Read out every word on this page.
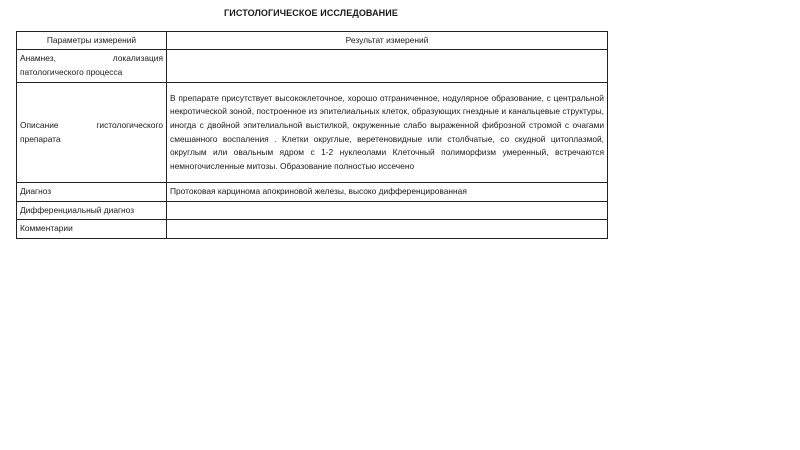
ГИСТОЛОГИЧЕСКОЕ ИССЛЕДОВАНИЕ
Параметры измерений	Результат измерений
Анамнез, локализация патологического процесса	
Описание гистологического препарата	В препарате присутствует высококлеточное, хорошо отграниченное, нодулярное образование, с центральной некротической зоной, построенное из эпителиальных клеток, образующих гнездные и канальцевые структуры, иногда с двойной эпителиальной выстилкой, окруженные слабо выраженной фиброзной стромой с очагами смешанного воспаления . Клетки округлые, веретеновидные или столбчатые, со скудной цитоплазмой, округлым или овальным ядром с 1-2 нуклеолами Клеточный полиморфизм умеренный, встречаются немногочисленные митозы. Образование полностью иссечено
Диагноз	Протоковая карцинома апокриновой железы, высоко дифференцированная
Дифференциальный диагноз	
Комментарии	
